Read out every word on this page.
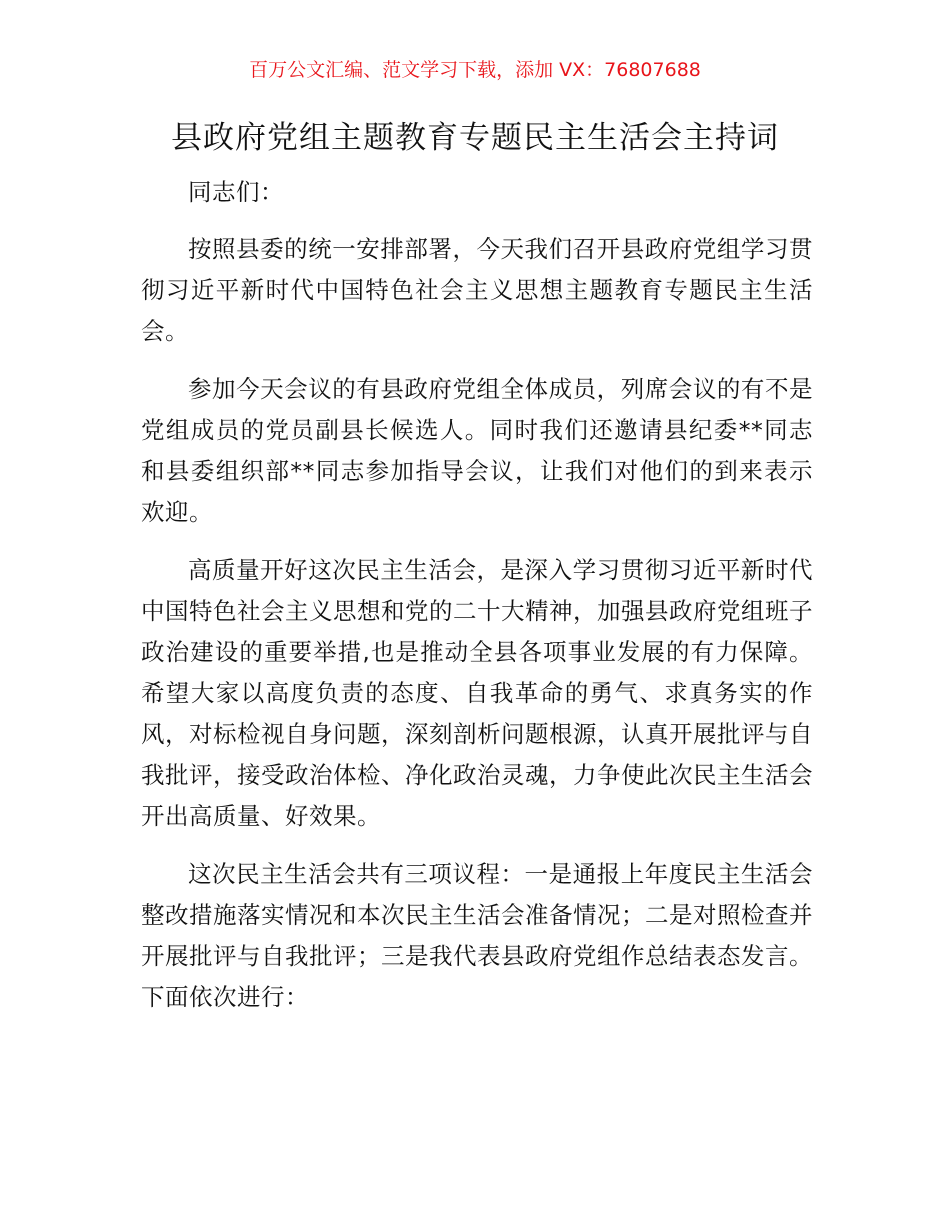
百万公文汇编、范文学习下载，添加 VX：76807688
县政府党组主题教育专题民主生活会主持词

同志们：

按照县委的统一安排部署，今天我们召开县政府党组学习贯彻习近平新时代中国特色社会主义思想主题教育专题民主生活会。

参加今天会议的有县政府党组全体成员，列席会议的有不是党组成员的党员副县长候选人。同时我们还邀请县纪委**同志和县委组织部**同志参加指导会议，让我们对他们的到来表示欢迎。

高质量开好这次民主生活会，是深入学习贯彻习近平新时代中国特色社会主义思想和党的二十大精神，加强县政府党组班子政治建设的重要举措,也是推动全县各项事业发展的有力保障。希望大家以高度负责的态度、自我革命的勇气、求真务实的作风，对标检视自身问题，深刻剖析问题根源，认真开展批评与自我批评，接受政治体检、净化政治灵魂，力争使此次民主生活会开出高质量、好效果。

这次民主生活会共有三项议程：一是通报上年度民主生活会整改措施落实情况和本次民主生活会准备情况；二是对照检查并开展批评与自我批评；三是我代表县政府党组作总结表态发言。下面依次进行：
